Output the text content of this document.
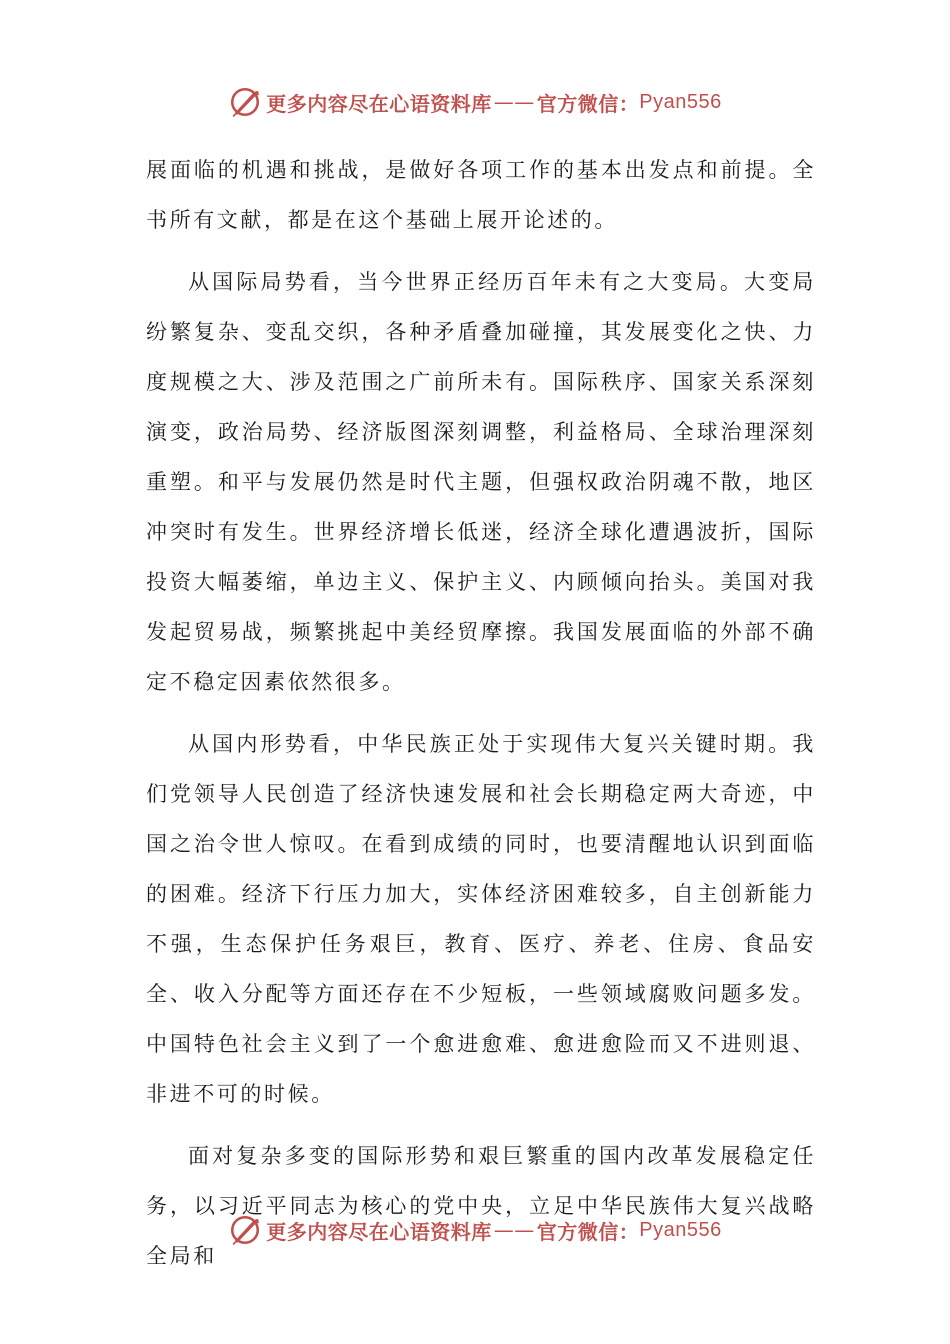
更多内容尽在心语资料库 —— 官方微信： Pyan556

展面临的机遇和挑战，是做好各项工作的基本出发点和前提。全书所有文献，都是在这个基础上展开论述的。

从国际局势看，当今世界正经历百年未有之大变局。大变局纷繁复杂、变乱交织，各种矛盾叠加碰撞，其发展变化之快、力度规模之大、涉及范围之广前所未有。国际秩序、国家关系深刻演变，政治局势、经济版图深刻调整，利益格局、全球治理深刻重塑。和平与发展仍然是时代主题，但强权政治阴魂不散，地区冲突时有发生。世界经济增长低迷，经济全球化遭遇波折，国际投资大幅萎缩，单边主义、保护主义、内顾倾向抬头。美国对我发起贸易战，频繁挑起中美经贸摩擦。我国发展面临的外部不确定不稳定因素依然很多。

从国内形势看，中华民族正处于实现伟大复兴关键时期。我们党领导人民创造了经济快速发展和社会长期稳定两大奇迹，中国之治令世人惊叹。在看到成绩的同时，也要清醒地认识到面临的困难。经济下行压力加大，实体经济困难较多，自主创新能力不强，生态保护任务艰巨，教育、医疗、养老、住房、食品安全、收入分配等方面还存在不少短板，一些领域腐败问题多发。中国特色社会主义到了一个愈进愈难、愈进愈险而又不进则退、非进不可的时候。

面对复杂多变的国际形势和艰巨繁重的国内改革发展稳定任务，以习近平同志为核心的党中央，立足中华民族伟大复兴战略全局和

更多内容尽在心语资料库 —— 官方微信： Pyan556
